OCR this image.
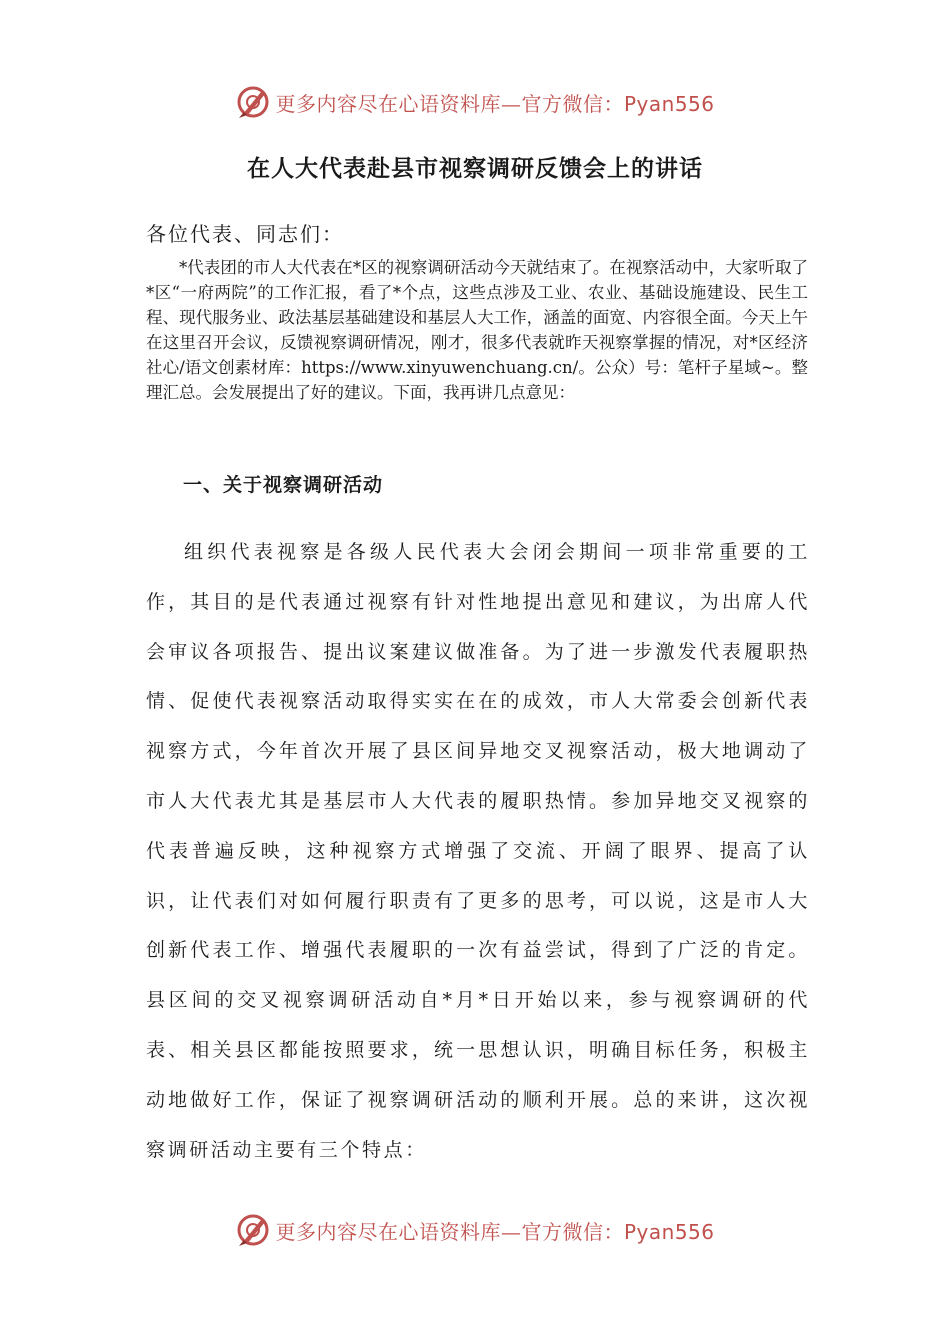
更多内容尽在心语资料库—官方微信：Pyan556
在人大代表赴县市视察调研反馈会上的讲话

各位代表、同志们：

*代表团的市人大代表在*区的视察调研活动今天就结束了。在视察活动中，大家听取了*区“一府两院”的工作汇报，看了*个点，这些点涉及工业、农业、基础设施建设、民生工程、现代服务业、政法基层基础建设和基层人大工作，涵盖的面宽、内容很全面。今天上午在这里召开会议，反馈视察调研情况，刚才，很多代表就昨天视察掌握的情况，对*区经济社心/语文创素材库：https://www.xinyuwenchuang.cn/。公众）号：笔杆子星域~。整理汇总。会发展提出了好的建议。下面，我再讲几点意见：

一、关于视察调研活动

组织代表视察是各级人民代表大会闭会期间一项非常重要的工作，其目的是代表通过视察有针对性地提出意见和建议，为出席人代会审议各项报告、提出议案建议做准备。为了进一步激发代表履职热情、促使代表视察活动取得实实在在的成效，市人大常委会创新代表视察方式，今年首次开展了县区间异地交叉视察活动，极大地调动了市人大代表尤其是基层市人大代表的履职热情。参加异地交叉视察的代表普遍反映，这种视察方式增强了交流、开阔了眼界、提高了认识，让代表们对如何履行职责有了更多的思考，可以说，这是市人大创新代表工作、增强代表履职的一次有益尝试，得到了广泛的肯定。县区间的交叉视察调研活动自*月*日开始以来，参与视察调研的代表、相关县区都能按照要求，统一思想认识，明确目标任务，积极主动地做好工作，保证了视察调研活动的顺利开展。总的来讲，这次视察调研活动主要有三个特点：

更多内容尽在心语资料库—官方微信：Pyan556
